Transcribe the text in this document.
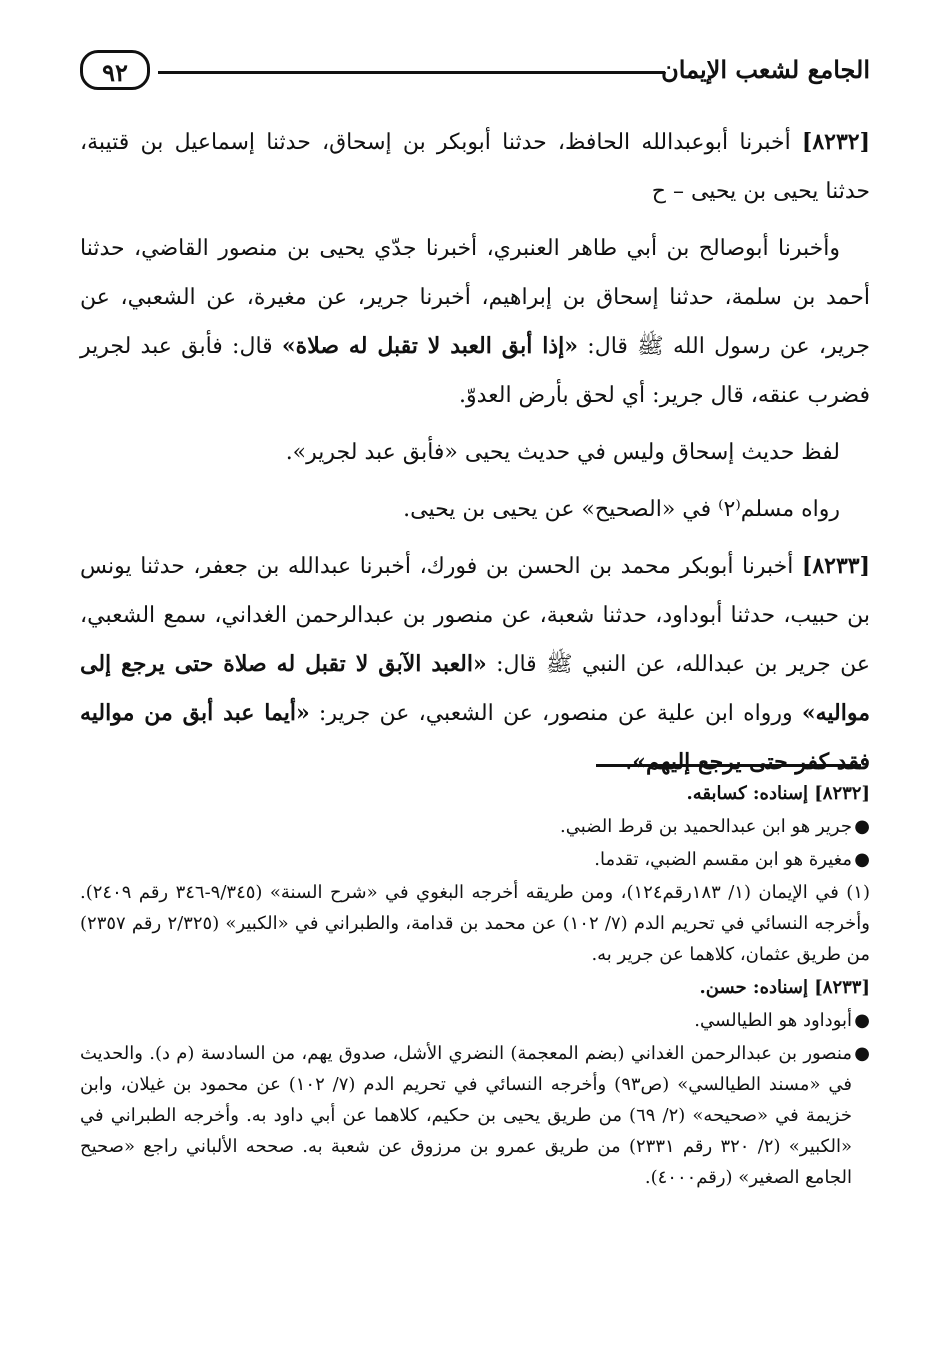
الجامع لشعب الإيمان
٩٢

[٨٢٣٢] أخبرنا أبوعبدالله الحافظ، حدثنا أبوبكر بن إسحاق، حدثنا إسماعيل بن قتيبة، حدثنا يحيى بن يحيى – ح

وأخبرنا أبوصالح بن أبي طاهر العنبري، أخبرنا جدّي يحيى بن منصور القاضي، حدثنا أحمد بن سلمة، حدثنا إسحاق بن إبراهيم، أخبرنا جرير، عن مغيرة، عن الشعبي، عن جرير، عن رسول الله ﷺ قال: «إذا أبق العبد لا تقبل له صلاة» قال: فأبق عبد لجرير فضرب عنقه، قال جرير: أي لحق بأرض العدوّ.

لفظ حديث إسحاق وليس في حديث يحيى «فأبق عبد لجرير».

رواه مسلم⁽٢⁾ في «الصحيح» عن يحيى بن يحيى.

[٨٢٣٣] أخبرنا أبوبكر محمد بن الحسن بن فورك، أخبرنا عبدالله بن جعفر، حدثنا يونس بن حبيب، حدثنا أبوداود، حدثنا شعبة، عن منصور بن عبدالرحمن الغداني، سمع الشعبي، عن جرير بن عبدالله، عن النبي ﷺ قال: «العبد الآبق لا تقبل له صلاة حتى يرجع إلى مواليه» ورواه ابن علية عن منصور، عن الشعبي، عن جرير: «أيما عبد أبق من مواليه فقد كفر حتى يرجع إليهم».

[٨٢٣٢] إسناده: كسابقه.

●
جرير هو ابن عبدالحميد بن قرط الضبي.

●
مغيرة هو ابن مقسم الضبي، تقدما.

(١) في الإيمان (١/ ١٨٣رقم١٢٤)، ومن طريقه أخرجه البغوي في «شرح السنة» (٩/٣٤٥-٣٤٦ رقم ٢٤٠٩). وأخرجه النسائي في تحريم الدم (٧/ ١٠٢) عن محمد بن قدامة، والطبراني في «الكبير» (٢/٣٢٥ رقم ٢٣٥٧) من طريق عثمان، كلاهما عن جرير به.

[٨٢٣٣] إسناده: حسن.

●
أبوداود هو الطيالسي.

●
منصور بن عبدالرحمن الغداني (بضم المعجمة) النضري الأشل، صدوق يهم، من السادسة (م د). والحديث في «مسند الطيالسي» (ص٩٣) وأخرجه النسائي في تحريم الدم (٧/ ١٠٢) عن محمود بن غيلان، وابن خزيمة في «صحيحه» (٢/ ٦٩) من طريق يحيى بن حكيم، كلاهما عن أبي داود به. وأخرجه الطبراني في «الكبير» (٢/ ٣٢٠ رقم ٢٣٣١) من طريق عمرو بن مرزوق عن شعبة به. صححه الألباني راجع «صحيح الجامع الصغير» (رقم٤٠٠٠).
